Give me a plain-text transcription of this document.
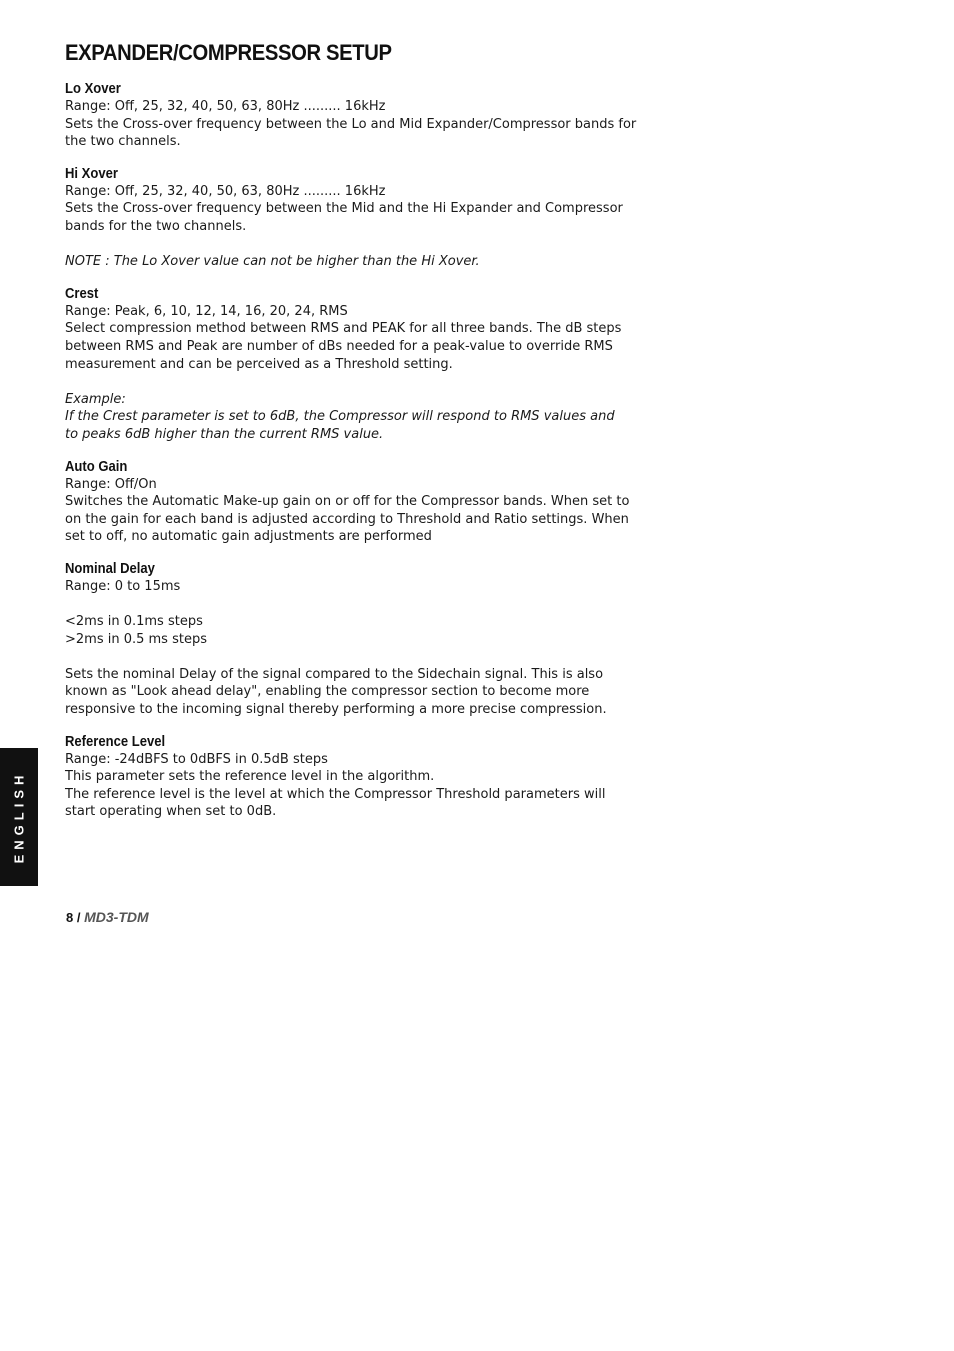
EXPANDER/COMPRESSOR SETUP
Lo Xover

Range: Off, 25, 32, 40, 50, 63, 80Hz ......... 16kHz

Sets the Cross-over frequency between the Lo and Mid Expander/Compressor bands for

the two channels.

Hi Xover

Range: Off, 25, 32, 40, 50, 63, 80Hz ......... 16kHz

Sets the Cross-over frequency between the Mid and the Hi Expander and Compressor

bands for the two channels.

NOTE : The Lo Xover value can not be higher than the Hi Xover.

Crest

Range: Peak, 6, 10, 12, 14, 16, 20, 24, RMS

Select compression method between RMS and PEAK for all three bands. The dB steps

between RMS and Peak are number of dBs needed for a peak-value to override RMS

measurement and can be perceived as a Threshold setting.

Example:

If the Crest parameter is set to 6dB, the Compressor will respond to RMS values and

to peaks 6dB higher than the current RMS value.

Auto Gain

Range: Off/On

Switches the Automatic Make-up gain on or off for the Compressor bands. When set to

on the gain for each band is adjusted according to Threshold and Ratio settings. When

set to off, no automatic gain adjustments are performed

Nominal Delay

Range: 0 to 15ms

<2ms in 0.1ms steps

>2ms in 0.5 ms steps

Sets the nominal Delay of the signal compared to the Sidechain signal. This is also

known as "Look ahead delay", enabling the compressor section to become more

responsive to the incoming signal thereby performing a more precise compression.

Reference Level

Range: -24dBFS to 0dBFS in 0.5dB steps

This parameter sets the reference level in the algorithm.

The reference level is the level at which the Compressor Threshold parameters will

start operating when set to 0dB.

ENGLISH
8 / MD3-TDM
